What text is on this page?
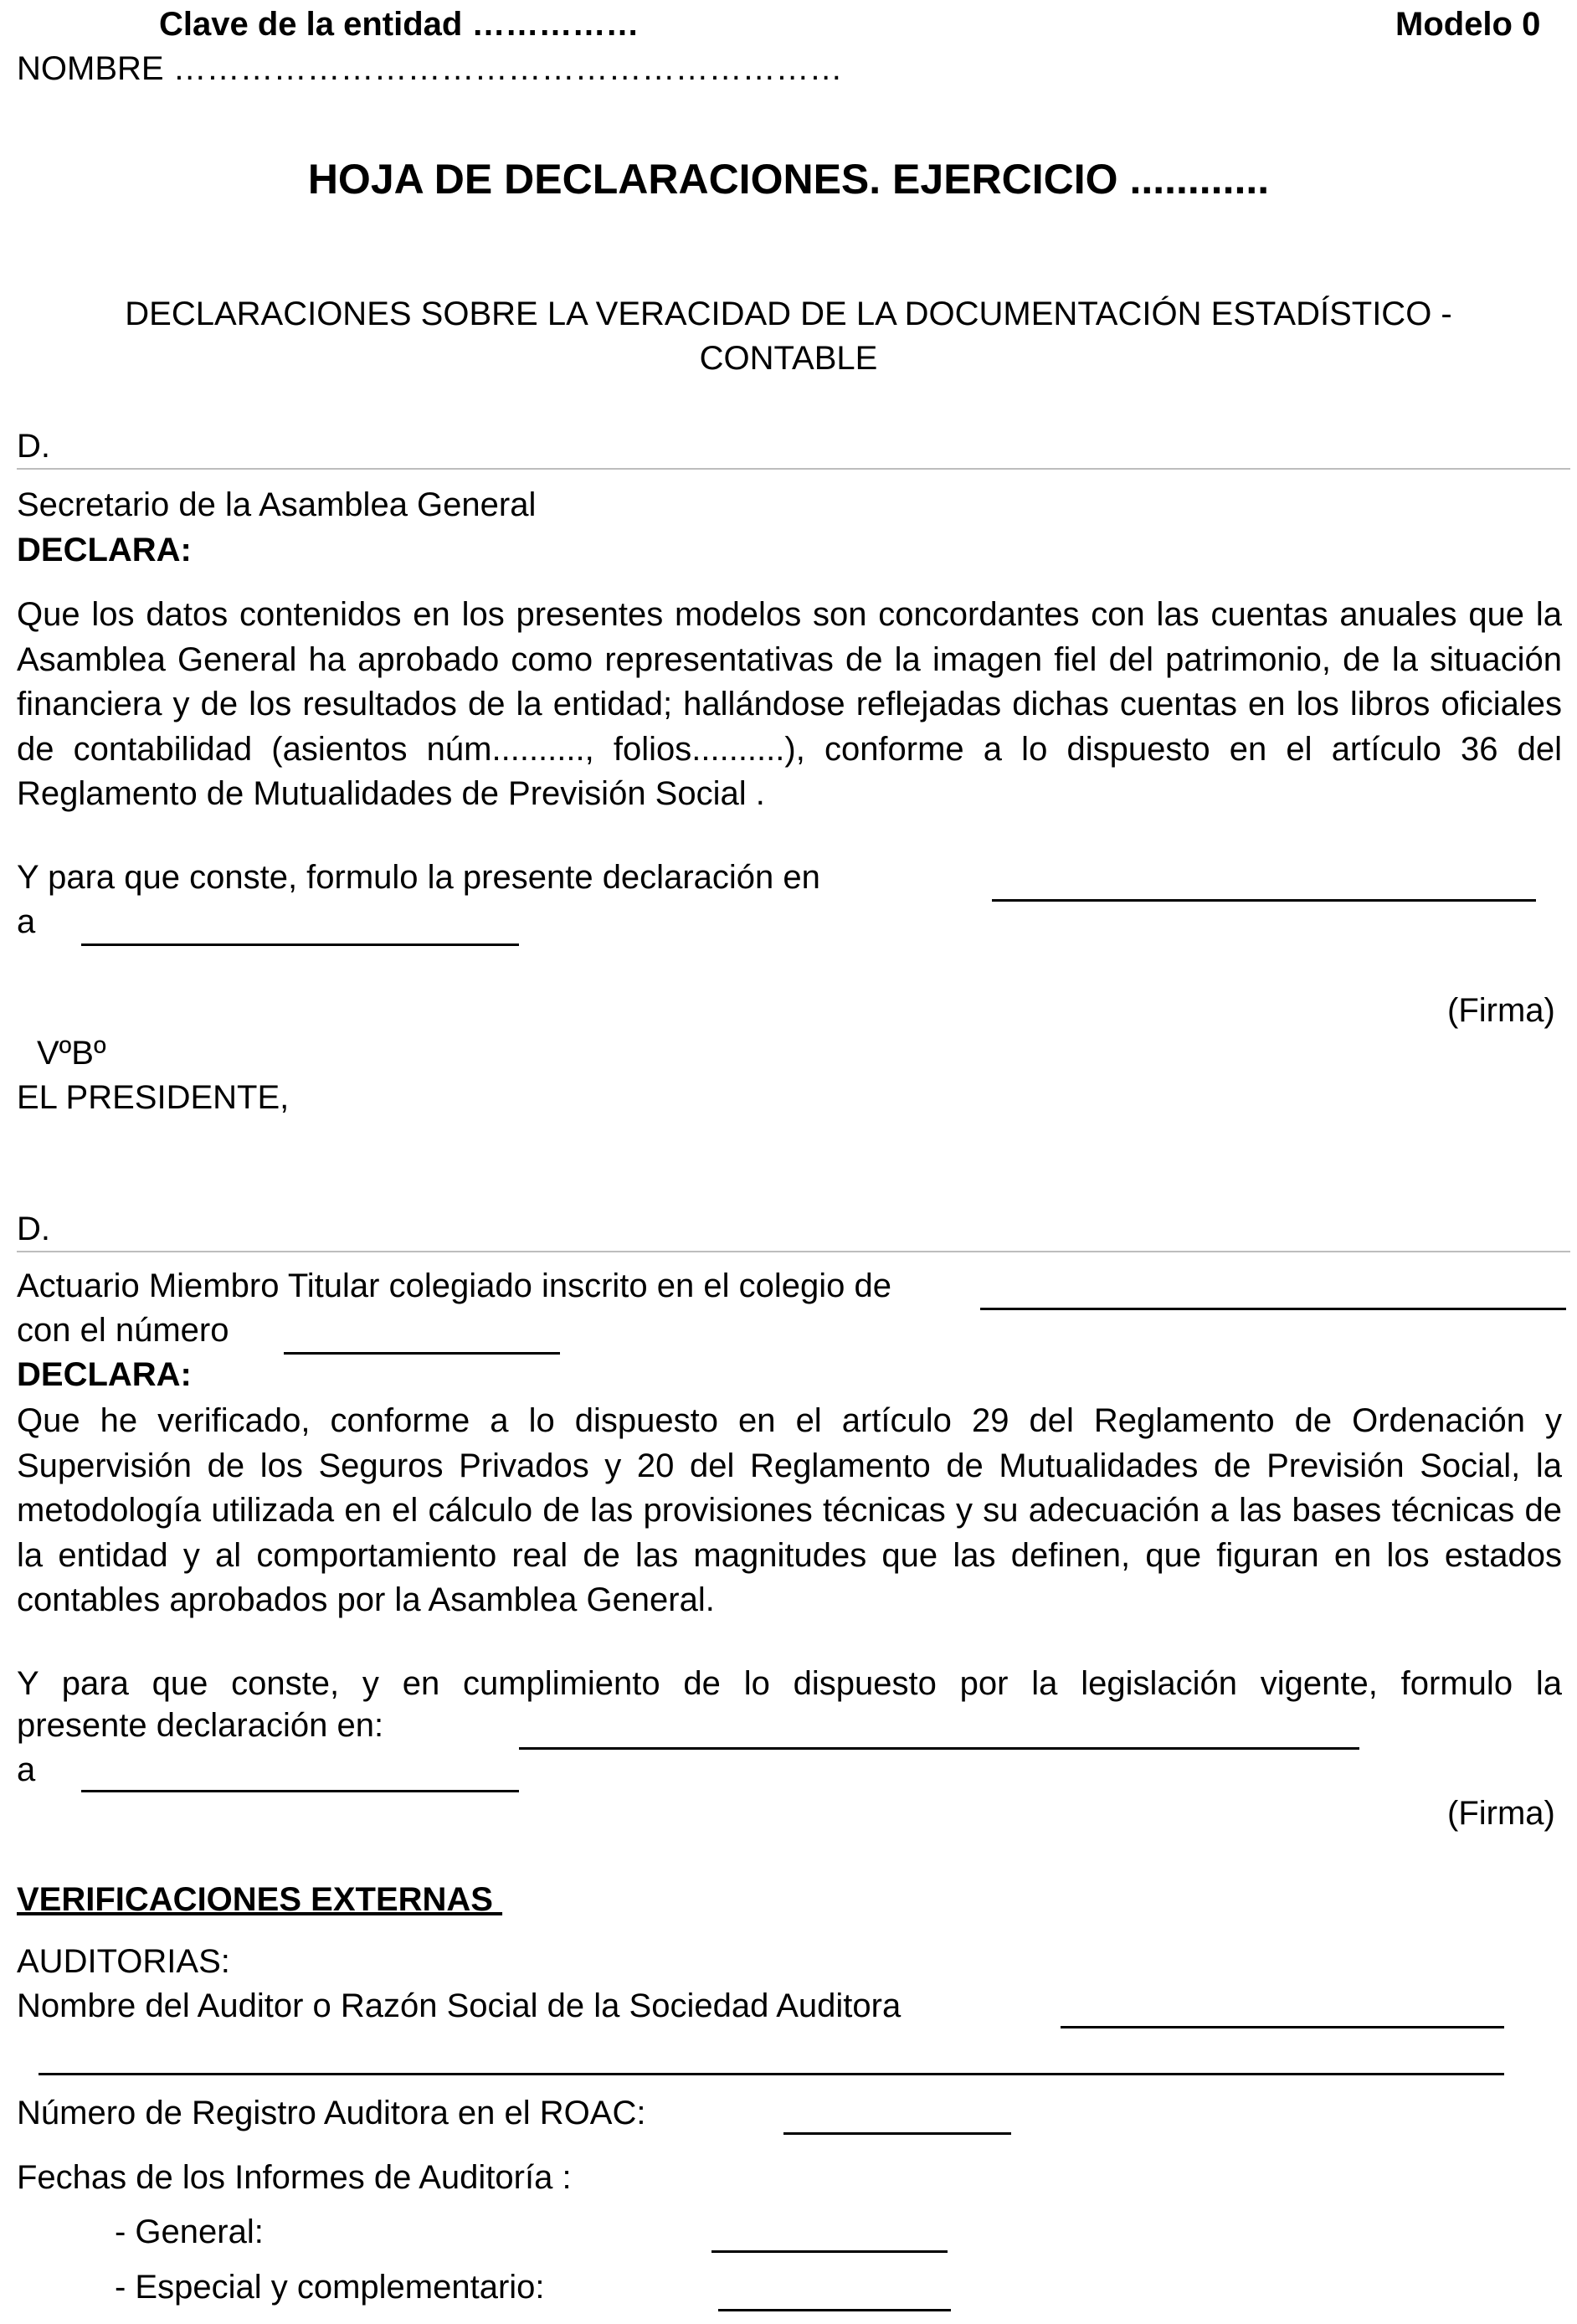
Clave de la entidad ……………	Modelo 0
NOMBRE ……………………………………………………
HOJA DE DECLARACIONES. EJERCICIO ............
DECLARACIONES SOBRE LA VERACIDAD DE LA DOCUMENTACIÓN ESTADÍSTICO -
CONTABLE
D.
Secretario de la Asamblea General
DECLARA:
Que los datos contenidos en los presentes modelos son concordantes con las cuentas anuales que la Asamblea General ha aprobado como representativas de la imagen fiel del patrimonio, de la situación financiera y de los resultados de la entidad; hallándose reflejadas dichas cuentas en los libros oficiales de contabilidad (asientos núm.........., folios..........), conforme a lo dispuesto en el artículo 36 del Reglamento de Mutualidades de Previsión Social .
Y para que conste, formulo la presente declaración en
a
(Firma)
VºBº
EL PRESIDENTE,
D.
Actuario Miembro Titular colegiado inscrito en el colegio de
con el número
DECLARA:
Que he verificado, conforme a lo dispuesto en el artículo 29 del Reglamento de Ordenación y Supervisión de los Seguros Privados y 20 del Reglamento de Mutualidades de Previsión Social, la metodología utilizada en el cálculo de las provisiones técnicas y su adecuación a las bases técnicas de la entidad y al comportamiento real de las magnitudes que las definen, que figuran en los estados contables aprobados por la Asamblea General.
Y para que conste, y en cumplimiento de lo dispuesto por la legislación vigente, formulo la
presente declaración en:
a
(Firma)
VERIFICACIONES EXTERNAS
AUDITORIAS:
Nombre del Auditor o Razón Social de la Sociedad Auditora
Número de Registro Auditora en el ROAC:
Fechas de los Informes de Auditoría :
- General:
- Especial y complementario:
